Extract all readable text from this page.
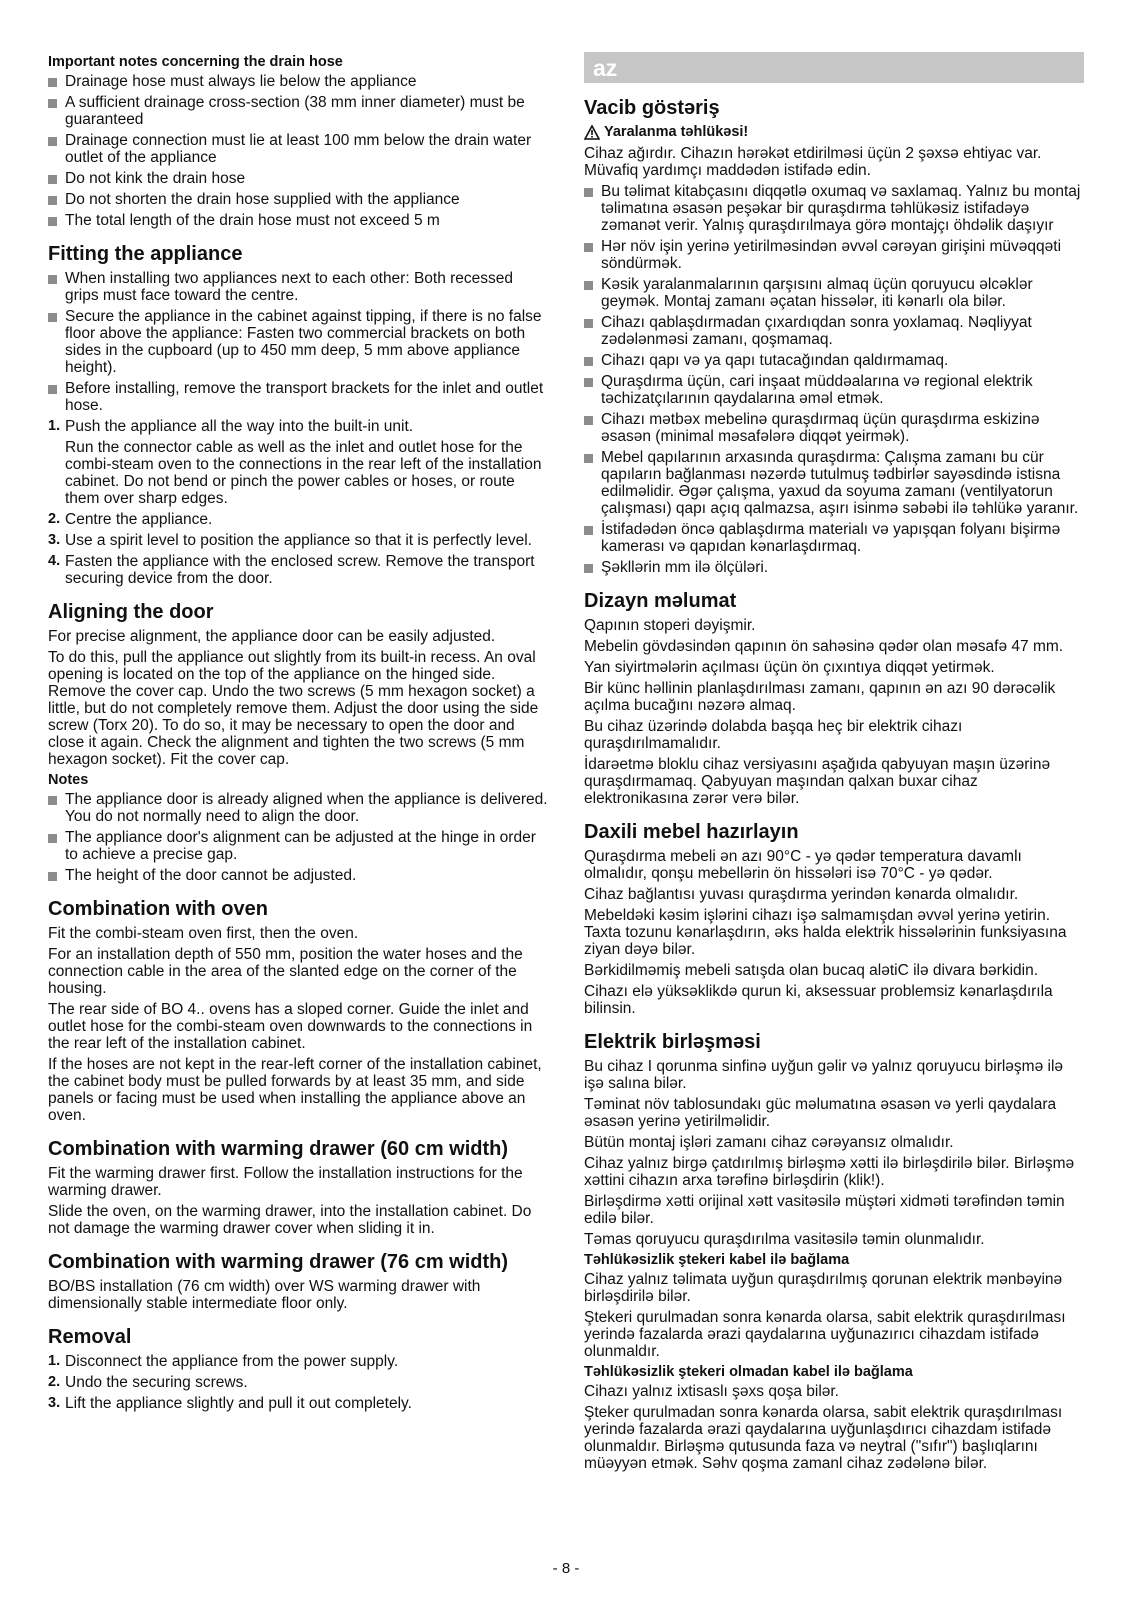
Important notes concerning the drain hose
Drainage hose must always lie below the appliance
A sufficient drainage cross-section (38 mm inner diameter) must be guaranteed
Drainage connection must lie at least 100 mm below the drain water outlet of the appliance
Do not kink the drain hose
Do not shorten the drain hose supplied with the appliance
The total length of the drain hose must not exceed 5 m
Fitting the appliance
When installing two appliances next to each other: Both recessed grips must face toward the centre.
Secure the appliance in the cabinet against tipping, if there is no false floor above the appliance: Fasten two commercial brackets on both sides in the cupboard (up to 450 mm deep, 5 mm above appliance height).
Before installing, remove the transport brackets for the inlet and outlet hose.
1. Push the appliance all the way into the built-in unit.

Run the connector cable as well as the inlet and outlet hose for the combi-steam oven to the connections in the rear left of the installation cabinet. Do not bend or pinch the power cables or hoses, or route them over sharp edges.

2. Centre the appliance.
3. Use a spirit level to position the appliance so that it is perfectly level.
4. Fasten the appliance with the enclosed screw. Remove the transport securing device from the door.
Aligning the door

For precise alignment, the appliance door can be easily adjusted.

To do this, pull the appliance out slightly from its built-in recess. An oval opening is located on the top of the appliance on the hinged side. Remove the cover cap. Undo the two screws (5 mm hexagon socket) a little, but do not completely remove them. Adjust the door using the side screw (Torx 20). To do so, it may be necessary to open the door and close it again. Check the alignment and tighten the two screws (5 mm hexagon socket). Fit the cover cap.

Notes
The appliance door is already aligned when the appliance is delivered. You do not normally need to align the door.
The appliance door's alignment can be adjusted at the hinge in order to achieve a precise gap.
The height of the door cannot be adjusted.
Combination with oven

Fit the combi-steam oven first, then the oven.

For an installation depth of 550 mm, position the water hoses and the connection cable in the area of the slanted edge on the corner of the housing.

The rear side of BO 4.. ovens has a sloped corner. Guide the inlet and outlet hose for the combi-steam oven downwards to the connections in the rear left of the installation cabinet.

If the hoses are not kept in the rear-left corner of the installation cabinet, the cabinet body must be pulled forwards by at least 35 mm, and side panels or facing must be used when installing the appliance above an oven.

Combination with warming drawer (60 cm width)

Fit the warming drawer first. Follow the installation instructions for the warming drawer.

Slide the oven, on the warming drawer, into the installation cabinet. Do not damage the warming drawer cover when sliding it in.

Combination with warming drawer (76 cm width)

BO/BS installation (76 cm width) over WS warming drawer with dimensionally stable intermediate floor only.

Removal
1. Disconnect the appliance from the power supply.
2. Undo the securing screws.
3. Lift the appliance slightly and pull it out completely.
az
Vacib göstəriş
Yaralanma təhlükəsi!

Cihaz ağırdır. Cihazın hərəkət etdirilməsi üçün 2 şəxsə ehtiyac var. Müvafiq yardımçı maddədən istifadə edin.

Bu təlimat kitabçasını diqqətlə oxumaq və saxlamaq. Yalnız bu montaj təlimatına əsasən peşəkar bir quraşdırma təhlükəsiz istifadəyə zəmanət verir. Yalnış quraşdırılmaya görə montajçı öhdəlik daşıyır
Hər növ işin yerinə yetirilməsindən əvvəl cərəyan girişini müvəqqəti söndürmək.
Kəsik yaralanmalarının qarşısını almaq üçün qoruyucu əlcəklər geymək. Montaj zamanı əçatan hissələr, iti kənarlı ola bilər.
Cihazı qablaşdırmadan çıxardıqdan sonra yoxlamaq. Nəqliyyat zədələnməsi zamanı, qoşmamaq.
Cihazı qapı və ya qapı tutacağından qaldırmamaq.
Quraşdırma üçün, cari inşaat müddəalarına və regional elektrik təchizatçılarının qaydalarına əməl etmək.
Cihazı mətbəx mebelinə quraşdırmaq üçün quraşdırma eskizinə əsasən (minimal məsafələrə diqqət yeirmək).
Mebel qapılarının arxasında quraşdırma: Çalışma zamanı bu cür qapıların bağlanması nəzərdə tutulmuş tədbirlər sayəsdində istisna edilməlidir. Əgər çalışma, yaxud da soyuma zamanı (ventilyatorun çalışması) qapı açıq qalmazsa, aşırı isinmə səbəbi ilə təhlükə yaranır.
İstifadədən öncə qablaşdırma materialı və yapışqan folyanı bişirmə kamerası və qapıdan kənarlaşdırmaq.
Şəkllərin mm ilə ölçüləri.
Dizayn məlumat

Qapının stoperi dəyişmir.

Mebelin gövdəsindən qapının ön sahəsinə qədər olan məsafə 47 mm.

Yan siyirtmələrin açılması üçün ön çıxıntıya diqqət yetirmək.

Bir künc həllinin planlaşdırılması zamanı, qapının ən azı 90 dərəcəlik açılma bucağını nəzərə almaq.

Bu cihaz üzərində dolabda başqa heç bir elektrik cihazı quraşdırılmamalıdır.

İdarəetmə bloklu cihaz versiyasını aşağıda qabyuyan maşın üzərinə quraşdırmamaq. Qabyuyan maşından qalxan buxar cihaz elektronikasına zərər verə bilər.

Daxili mebel hazırlayın

Quraşdırma mebeli ən azı 90°C - yə qədər temperatura davamlı olmalıdır, qonşu mebellərin ön hissələri isə 70°C - yə qədər.

Cihaz bağlantısı yuvası quraşdırma yerindən kənarda olmalıdır.

Mebeldəki kəsim işlərini cihazı işə salmamışdan əvvəl yerinə yetirin. Taxta tozunu kənarlaşdırın, əks halda elektrik hissələrinin funksiyasına ziyan dəyə bilər.

Bərkidilməmiş mebeli satışda olan bucaq alətiC ilə divara bərkidin.

Cihazı elə yüksəklikdə qurun ki, aksessuar problemsiz kənarlaşdırıla bilinsin.

Elektrik birləşməsi

Bu cihaz I qorunma sinfinə uyğun gəlir və yalnız qoruyucu birləşmə ilə işə salına bilər.

Təminat növ tablosundakı güc məlumatına əsasən və yerli qaydalara əsasən yerinə yetirilməlidir.

Bütün montaj işləri zamanı cihaz cərəyansız olmalıdır.

Cihaz yalnız birgə çatdırılmış birləşmə xətti ilə birləşdirilə bilər. Birləşmə xəttini cihazın arxa tərəfinə birləşdirin (klik!).

Birləşdirmə xətti orijinal xətt vasitəsilə müştəri xidməti tərəfindən təmin edilə bilər.

Təmas qoruyucu quraşdırılma vasitəsilə təmin olunmalıdır.

Təhlükəsizlik ştekeri kabel ilə bağlama

Cihaz yalnız təlimata uyğun quraşdırılmış qorunan elektrik mənbəyinə birləşdirilə bilər.

Ştekeri qurulmadan sonra kənarda olarsa, sabit elektrik quraşdırılması yerində fazalarda ərazi qaydalarına uyğunazırıcı cihazdam istifadə olunmaldır.

Təhlükəsizlik ştekeri olmadan kabel ilə bağlama

Cihazı yalnız ixtisaslı şəxs qoşa bilər.

Ştеker qurulmadan sonra kənarda olarsa, sabit elektrik quraşdırılması yerində fazalarda ərazi qaydalarına uyğunlaşdırıcı cihazdam istifadə olunmaldır. Birləşmə qutusunda faza və neytral ("sıfır") başlıqlarını müəyyən etmək. Səhv qoşma zamanl cihaz zədələnə bilər.

- 8 -
